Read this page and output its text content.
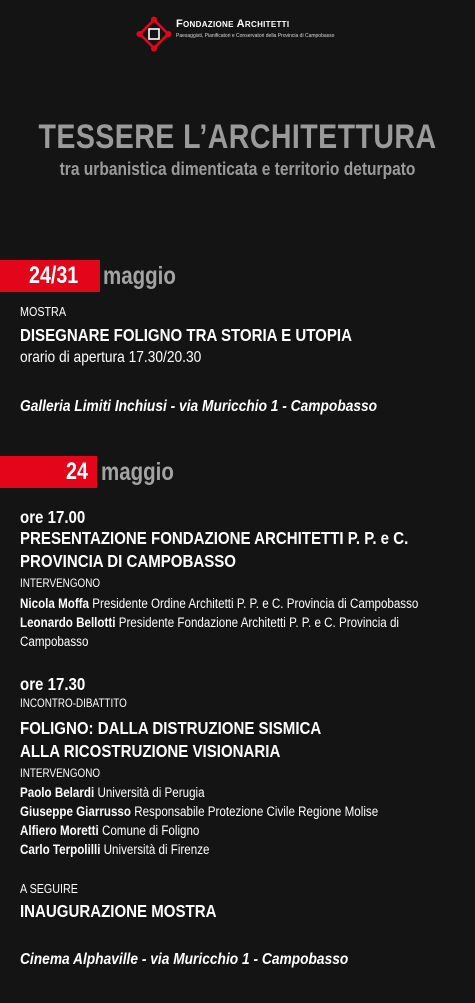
Fondazione Architetti
Paesaggisti, Pianificatori e Conservatori della Provincia di Campobasso
TESSERE L’ARCHITETTURA
tra urbanistica dimenticata e territorio deturpato
24/31 maggio
MOSTRA
DISEGNARE FOLIGNO TRA STORIA E UTOPIA
orario di apertura 17.30/20.30
Galleria Limiti Inchiusi - via Muricchio 1 - Campobasso
24 maggio
ore 17.00
PRESENTAZIONE FONDAZIONE ARCHITETTI P. P. e C.
PROVINCIA DI CAMPOBASSO
INTERVENGONO
Nicola Moffa Presidente Ordine Architetti P. P. e C. Provincia di Campobasso
Leonardo Bellotti Presidente Fondazione Architetti P. P. e C. Provincia di
Campobasso
ore 17.30
INCONTRO-DIBATTITO
FOLIGNO: DALLA DISTRUZIONE SISMICA
ALLA RICOSTRUZIONE VISIONARIA
INTERVENGONO
Paolo Belardi Università di Perugia
Giuseppe Giarrusso Responsabile Protezione Civile Regione Molise
Alfiero Moretti Comune di Foligno
Carlo Terpolilli Università di Firenze
A SEGUIRE
INAUGURAZIONE MOSTRA
Cinema Alphaville - via Muricchio 1 - Campobasso
